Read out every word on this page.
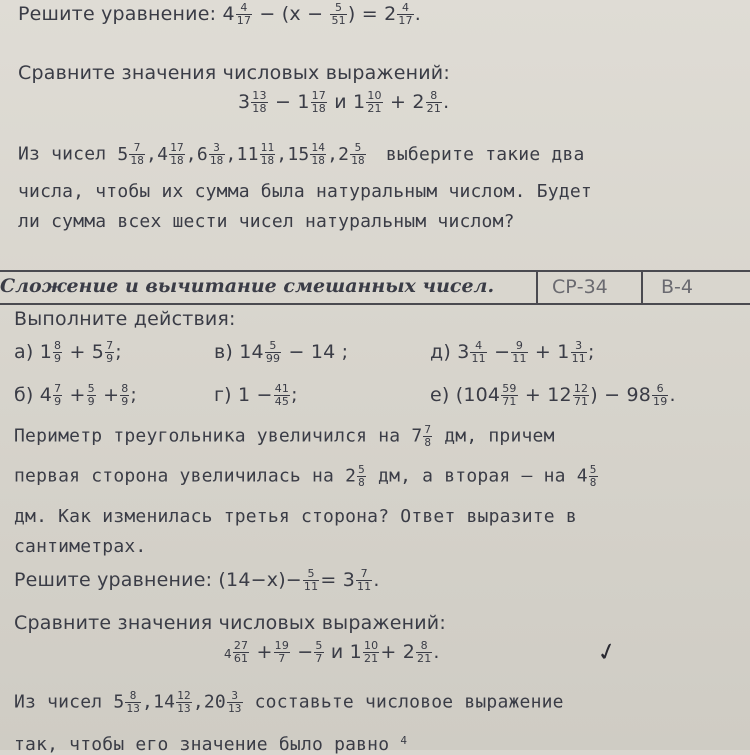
Решите уравнение: $4 \frac{4}{17} - (x - \frac{5}{51}$ ) = $2 \frac{4}{17}$ .
Сравните значения числовых выражений:
$3 \frac{13}{18} - 1 \frac{17}{18}$ и $1 \frac{10}{21} + 2 \frac{8}{21}$ .
Из чисел $5 \frac{7}{18} ,4 \frac{17}{18} ,6 \frac{3}{18} ,11 \frac{11}{18} ,15 \frac{14}{18} ,2 \frac{5}{18}$ выберите такие два
числа, чтобы их сумма была натуральным числом. Будет
ли сумма всех шести чисел натуральным числом?
Сложение и вычитание смешанных чисел.	СР-34	В-4
Выполните действия:
а) $1 \frac{8}{9} + 5 \frac{7}{9}$ ;	в) $14 \frac{5}{99} - 14$ ;	д) $3 \frac{4}{11} - \frac{9}{11} + 1 \frac{3}{11}$ ;
б) $4 \frac{7}{9} + \frac{5}{9} + \frac{8}{9}$ ;	г) $1 - \frac{41}{45}$ ;	е) ($104 \frac{59}{71} + 12 \frac{12}{71}$ ) − $98 \frac{6}{19}$ .
Периметр треугольника увеличился на $7 \frac{7}{8}$ дм, причем
первая сторона увеличилась на $2 \frac{5}{8}$ дм, а вторая – на $4 \frac{5}{8}$
дм. Как изменилась третья сторона? Ответ выразите в
сантиметрах.
Решите уравнение: $(14-x)- \frac{5}{11} = 3 \frac{7}{11}$ .
Сравните значения числовых выражений:
$4 \frac{27}{61} + \frac{19}{7} - \frac{5}{7}$ и $1 \frac{10}{21} + 2 \frac{8}{21}$ .	✓
Из чисел $5 \frac{8}{13} ,14 \frac{12}{13} ,20 \frac{3}{13}$ составьте числовое выражение
так, чтобы его значение было равно $^4$
